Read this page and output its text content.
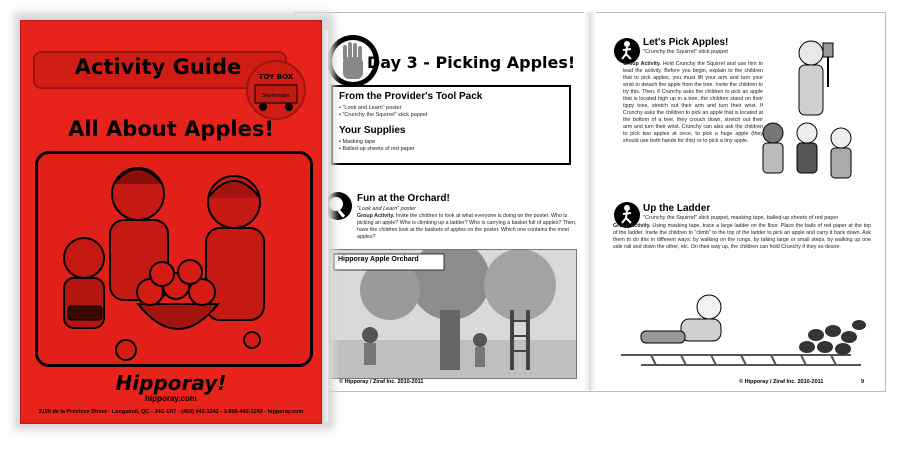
Day 3 - Picking Apples!
From the Provider's Tool Pack
▪ "Look and Learn" poster
▪ "Crunchy the Squirrel" stick puppet
Your Supplies
▪ Masking tape
▪ Balled-up sheets of red paper
Fun at the Orchard!
"Look and Learn" poster
Group Activity. Invite the children to look at what everyone is doing on the poster. Who is picking an apple? Who is climbing up a ladder? Who is carrying a basket full of apples? Then, have the children look at the baskets of apples on the poster. Which one contains the most apples?
Hipporay Apple Orchard
© Hipporay / Ziraf Inc. 2010-2011
Let's Pick Apples!
"Crunchy the Squirrel" stick puppet
Group Activity. Hold Crunchy the Squirrel and use him to lead the activity. Before you begin, explain to the children that to pick apples, you must lift your arm and turn your wrist to detach the apple from the tree. Invite the children to try this. Then, if Crunchy asks the children to pick an apple that is located high up in a tree, the children stand on their tippy toes, stretch out their arm and turn their wrist. If Crunchy asks the children to pick an apple that is located at the bottom of a tree, they crouch down, stretch out their arm and turn their wrist. Crunchy can also ask the children to pick two apples at once, to pick a huge apple (they should use both hands for this) or to pick a tiny apple.
Up the Ladder
"Crunchy the Squirrel" stick puppet, masking tape, balled-up sheets of red paper
Group Activity. Using masking tape, trace a large ladder on the floor. Place the balls of red paper at the top of the ladder. Invite the children to "climb" to the top of the ladder to pick an apple and carry it back down. Ask them to do this in different ways: by walking on the rungs, by taking large or small steps, by walking up one side rail and down the other, etc. On their way up, the children can hold Crunchy if they so desire.
© Hipporay / Ziraf Inc. 2010-2011	9
Activity Guide	TOY BOX
September
All About Apples!
Hipporay!
hipporay.com
2150 de la Province Street - Longueuil, QC - J4G 1R7 - (450) 442-1242 - 1-866-442-1242 - hipporay.com
